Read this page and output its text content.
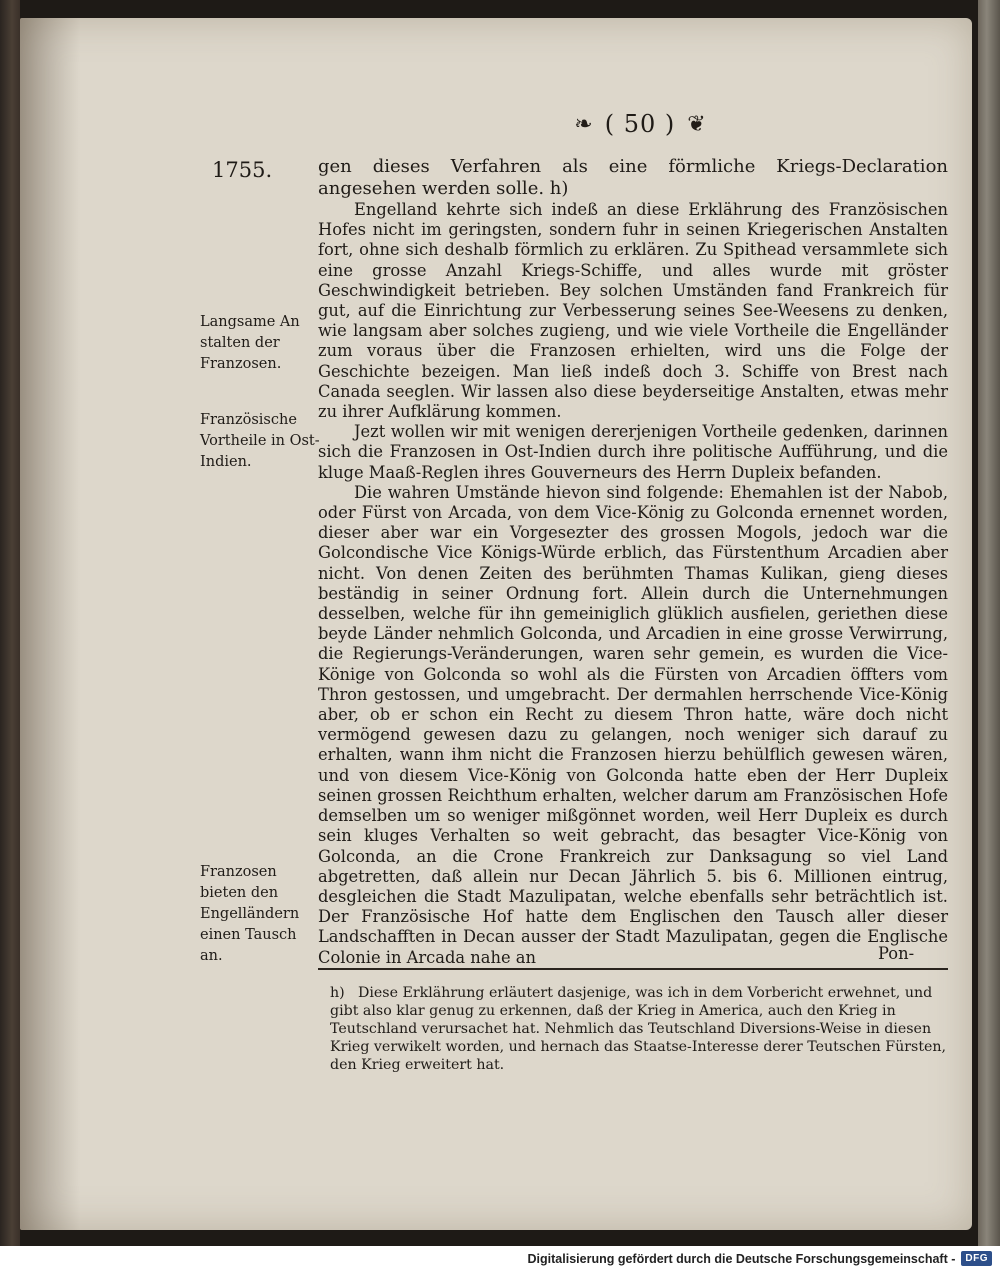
❧ ( 50 ) ❦
1755.
Langsame An stalten der Franzosen.
Französische Vortheile in Ost-Indien.
Franzosen bieten den Engelländern einen Tausch an.

gen dieses Verfahren als eine förmliche Kriegs-Declaration angesehen werden solle. h)

Engelland kehrte sich indeß an diese Erklährung des Französischen Hofes nicht im geringsten, sondern fuhr in seinen Kriegerischen Anstalten fort, ohne sich deshalb förmlich zu erklären. Zu Spithead versammlete sich eine grosse Anzahl Kriegs-Schiffe, und alles wurde mit gröster Geschwindigkeit betrieben. Bey solchen Umständen fand Frankreich für gut, auf die Einrichtung zur Verbesserung seines See-Weesens zu denken, wie langsam aber solches zugieng, und wie viele Vortheile die Engelländer zum voraus über die Franzosen erhielten, wird uns die Folge der Geschichte bezeigen. Man ließ indeß doch 3. Schiffe von Brest nach Canada seeglen. Wir lassen also diese beyderseitige Anstalten, etwas mehr zu ihrer Aufklärung kommen.

Jezt wollen wir mit wenigen dererjenigen Vortheile gedenken, darinnen sich die Franzosen in Ost-Indien durch ihre politische Aufführung, und die kluge Maaß-Reglen ihres Gouverneurs des Herrn Dupleix befanden.

Die wahren Umstände hievon sind folgende: Ehemahlen ist der Nabob, oder Fürst von Arcada, von dem Vice-König zu Golconda ernennet worden, dieser aber war ein Vorgesezter des grossen Mogols, jedoch war die Golcondische Vice Königs-Würde erblich, das Fürstenthum Arcadien aber nicht. Von denen Zeiten des berühmten Thamas Kulikan, gieng dieses beständig in seiner Ordnung fort. Allein durch die Unternehmungen desselben, welche für ihn gemeiniglich glüklich ausfielen, geriethen diese beyde Länder nehmlich Golconda, und Arcadien in eine grosse Verwirrung, die Regierungs-Veränderungen, waren sehr gemein, es wurden die Vice-Könige von Golconda so wohl als die Fürsten von Arcadien öffters vom Thron gestossen, und umgebracht. Der dermahlen herrschende Vice-König aber, ob er schon ein Recht zu diesem Thron hatte, wäre doch nicht vermögend gewesen dazu zu gelangen, noch weniger sich darauf zu erhalten, wann ihm nicht die Franzosen hierzu behülflich gewesen wären, und von diesem Vice-König von Golconda hatte eben der Herr Dupleix seinen grossen Reichthum erhalten, welcher darum am Französischen Hofe demselben um so weniger mißgönnet worden, weil Herr Dupleix es durch sein kluges Verhalten so weit gebracht, das besagter Vice-König von Golconda, an die Crone Frankreich zur Danksagung so viel Land abgetretten, daß allein nur Decan Jährlich 5. bis 6. Millionen eintrug, desgleichen die Stadt Mazulipatan, welche ebenfalls sehr beträchtlich ist. Der Französische Hof hatte dem Englischen den Tausch aller dieser Landschafften in Decan ausser der Stadt Mazulipatan, gegen die Englische Colonie in Arcada nahe an	Pon-
h) Diese Erklährung erläutert dasjenige, was ich in dem Vorbericht erwehnet, und gibt also klar genug zu erkennen, daß der Krieg in America, auch den Krieg in Teutschland verursachet hat. Nehmlich das Teutschland Diversions-Weise in diesen Krieg verwikelt worden, und hernach das Staatse-Interesse derer Teutschen Fürsten, den Krieg erweitert hat.
Digitalisierung gefördert durch die Deutsche Forschungsgemeinschaft -	DFG
